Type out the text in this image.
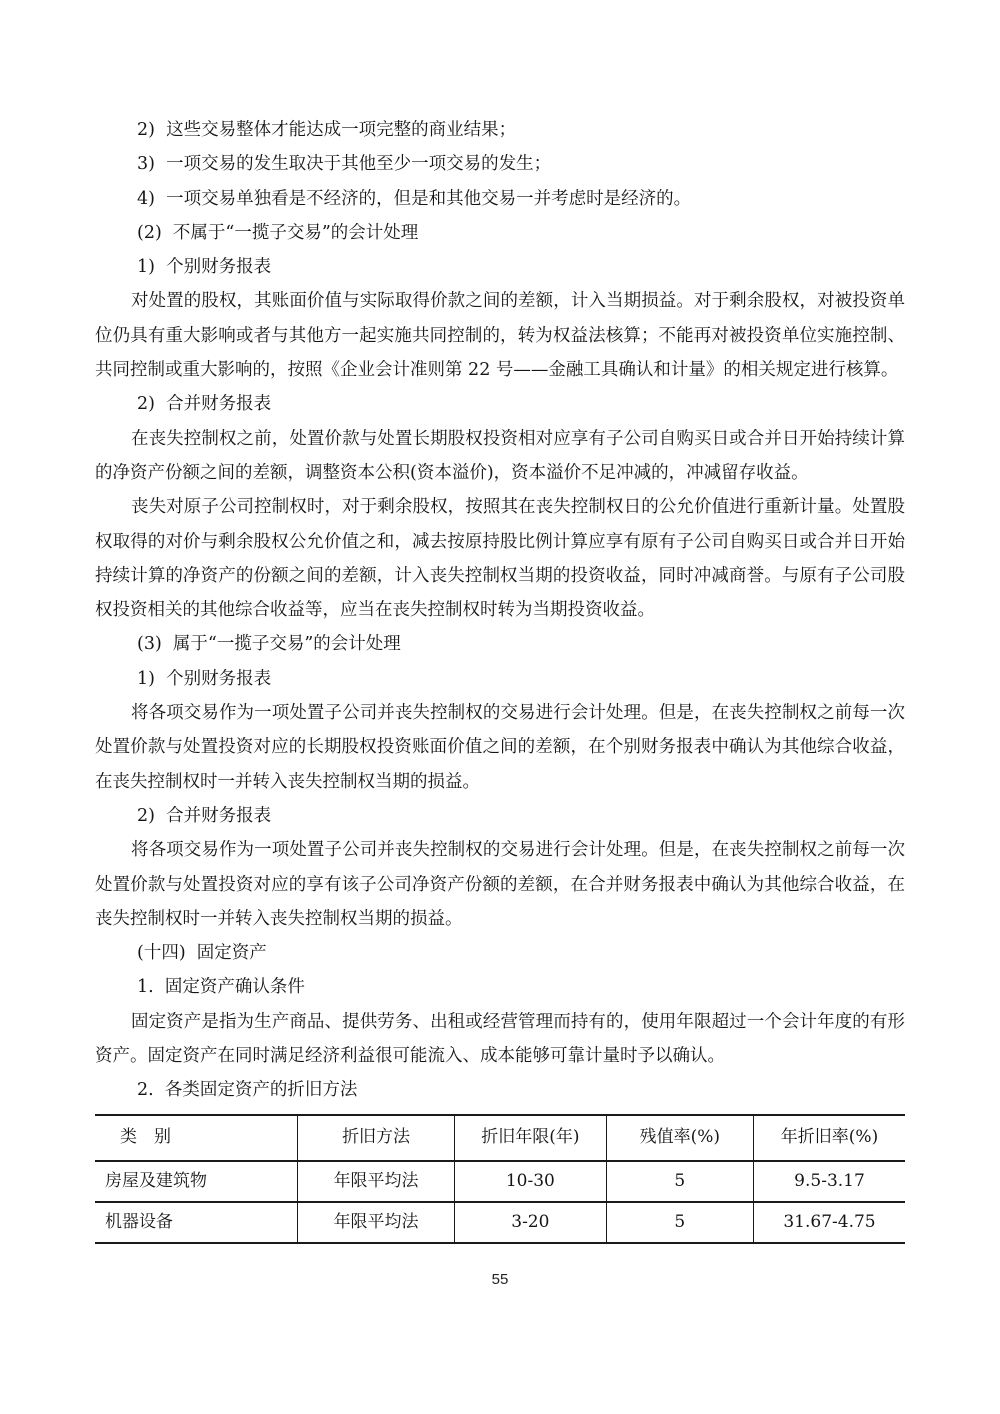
2)  这些交易整体才能达成一项完整的商业结果；

3)  一项交易的发生取决于其他至少一项交易的发生；

4)  一项交易单独看是不经济的，但是和其他交易一并考虑时是经济的。

(2)  不属于“一揽子交易”的会计处理

1)  个别财务报表

对处置的股权，其账面价值与实际取得价款之间的差额，计入当期损益。对于剩余股权，对被投资单位仍具有重大影响或者与其他方一起实施共同控制的，转为权益法核算；不能再对被投资单位实施控制、共同控制或重大影响的，按照《企业会计准则第 22 号——金融工具确认和计量》的相关规定进行核算。

2)  合并财务报表

在丧失控制权之前，处置价款与处置长期股权投资相对应享有子公司自购买日或合并日开始持续计算的净资产份额之间的差额，调整资本公积(资本溢价)，资本溢价不足冲减的，冲减留存收益。

丧失对原子公司控制权时，对于剩余股权，按照其在丧失控制权日的公允价值进行重新计量。处置股权取得的对价与剩余股权公允价值之和，减去按原持股比例计算应享有原有子公司自购买日或合并日开始持续计算的净资产的份额之间的差额，计入丧失控制权当期的投资收益，同时冲减商誉。与原有子公司股权投资相关的其他综合收益等，应当在丧失控制权时转为当期投资收益。

(3)  属于“一揽子交易”的会计处理

1)  个别财务报表

将各项交易作为一项处置子公司并丧失控制权的交易进行会计处理。但是，在丧失控制权之前每一次处置价款与处置投资对应的长期股权投资账面价值之间的差额，在个别财务报表中确认为其他综合收益，在丧失控制权时一并转入丧失控制权当期的损益。

2)  合并财务报表

将各项交易作为一项处置子公司并丧失控制权的交易进行会计处理。但是，在丧失控制权之前每一次处置价款与处置投资对应的享有该子公司净资产份额的差额，在合并财务报表中确认为其他综合收益，在丧失控制权时一并转入丧失控制权当期的损益。

(十四)  固定资产

1.  固定资产确认条件

固定资产是指为生产商品、提供劳务、出租或经营管理而持有的，使用年限超过一个会计年度的有形资产。固定资产在同时满足经济利益很可能流入、成本能够可靠计量时予以确认。

2.  各类固定资产的折旧方法

类　别	折旧方法	折旧年限(年)	残值率(%)	年折旧率(%)
房屋及建筑物	年限平均法	10-30	5	9.5-3.17
机器设备	年限平均法	3-20	5	31.67-4.75
55
